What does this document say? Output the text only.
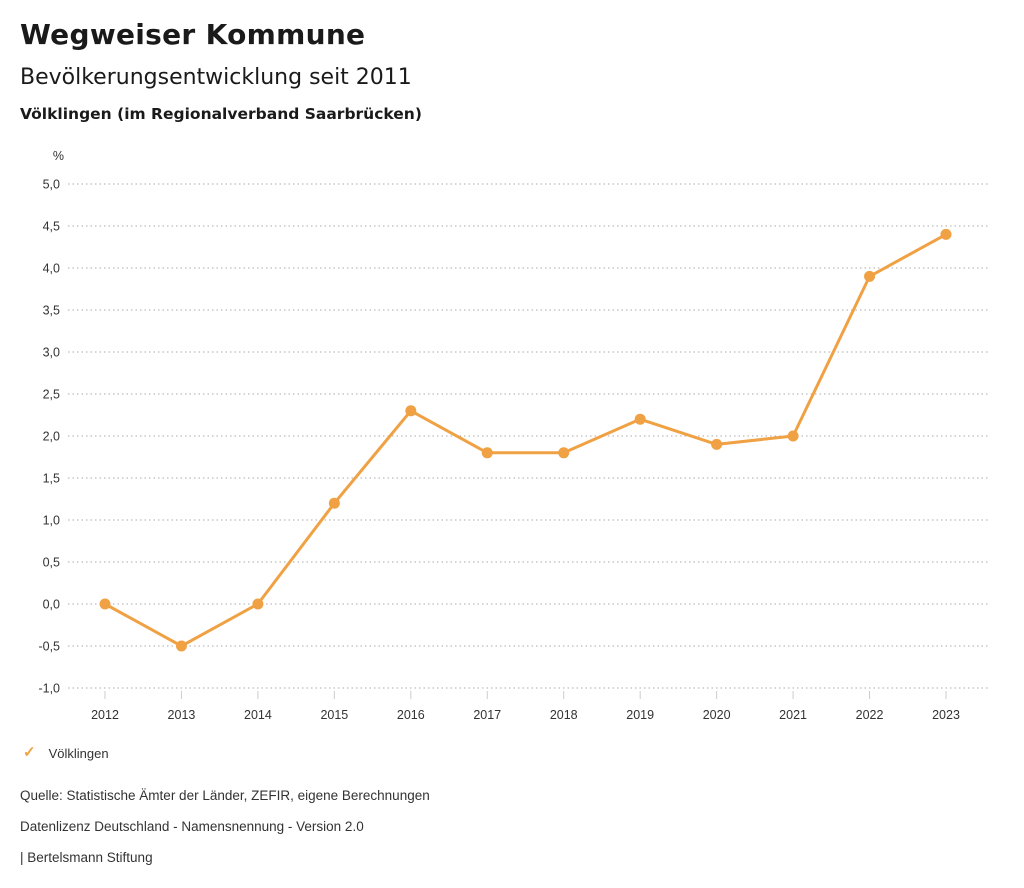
Wegweiser Kommune
Bevölkerungsentwicklung seit 2011
Völklingen (im Regionalverband Saarbrücken)
%
5,0
4,5
4,0
3,5
3,0
2,5
2,0
1,5
1,0
0,5
0,0
-0,5
-1,0
2012	2013	2014	2015	2016	2017	2018	2019	2020	2021	2022	2023
✓ Völklingen

Quelle: Statistische Ämter der Länder, ZEFIR, eigene Berechnungen

Datenlizenz Deutschland - Namensnennung - Version 2.0

| Bertelsmann Stiftung
